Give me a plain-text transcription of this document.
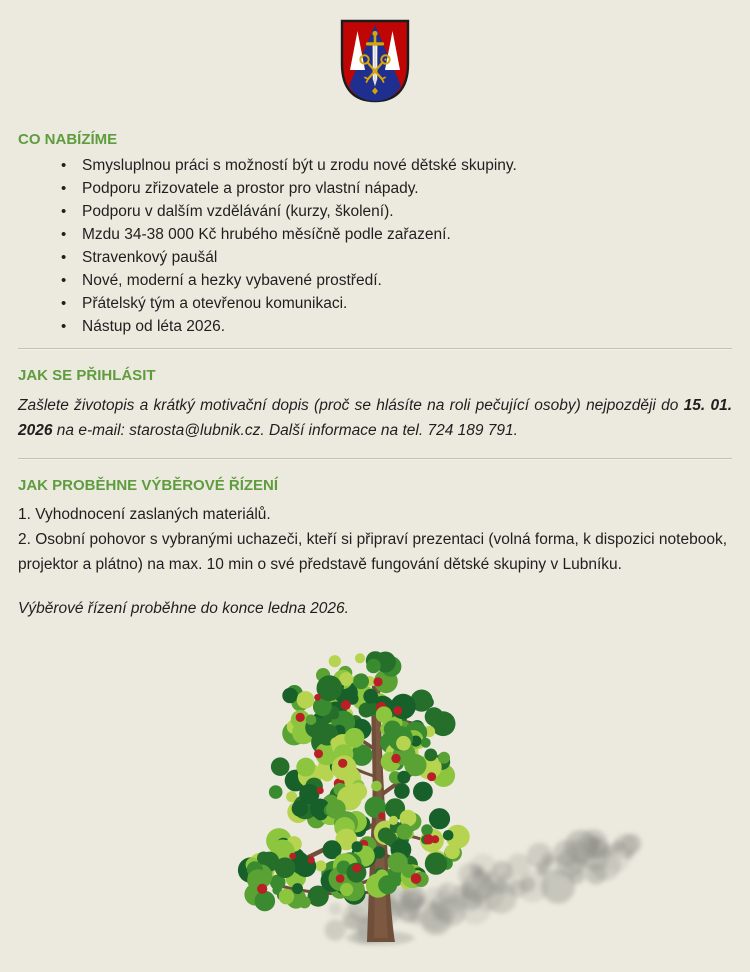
CO NABÍZÍME
• Smysluplnou práci s možností být u zrodu nové dětské skupiny.
• Podporu zřizovatele a prostor pro vlastní nápady.
• Podporu v dalším vzdělávání (kurzy, školení).
• Mzdu 34-38 000 Kč hrubého měsíčně podle zařazení.
• Stravenkový paušál
• Nové, moderní a hezky vybavené prostředí.
• Přátelský tým a otevřenou komunikaci.
• Nástup od léta 2026.
JAK SE PŘIHLÁSIT

Zašlete životopis a krátký motivační dopis (proč se hlásíte na roli pečující osoby) nejpozději do 15. 01. 2026 na e-mail: starosta@lubnik.cz. Další informace na tel. 724 189 791.

JAK PROBĚHNE VÝBĚROVÉ ŘÍZENÍ
1. Vyhodnocení zaslaných materiálů.
2. Osobní pohovor s vybranými uchazeči, kteří si připraví prezentaci (volná forma, k dispozici notebook, projektor a plátno) na max. 10 min o své představě fungování dětské skupiny v Lubníku.

Výběrové řízení proběhne do konce ledna 2026.
